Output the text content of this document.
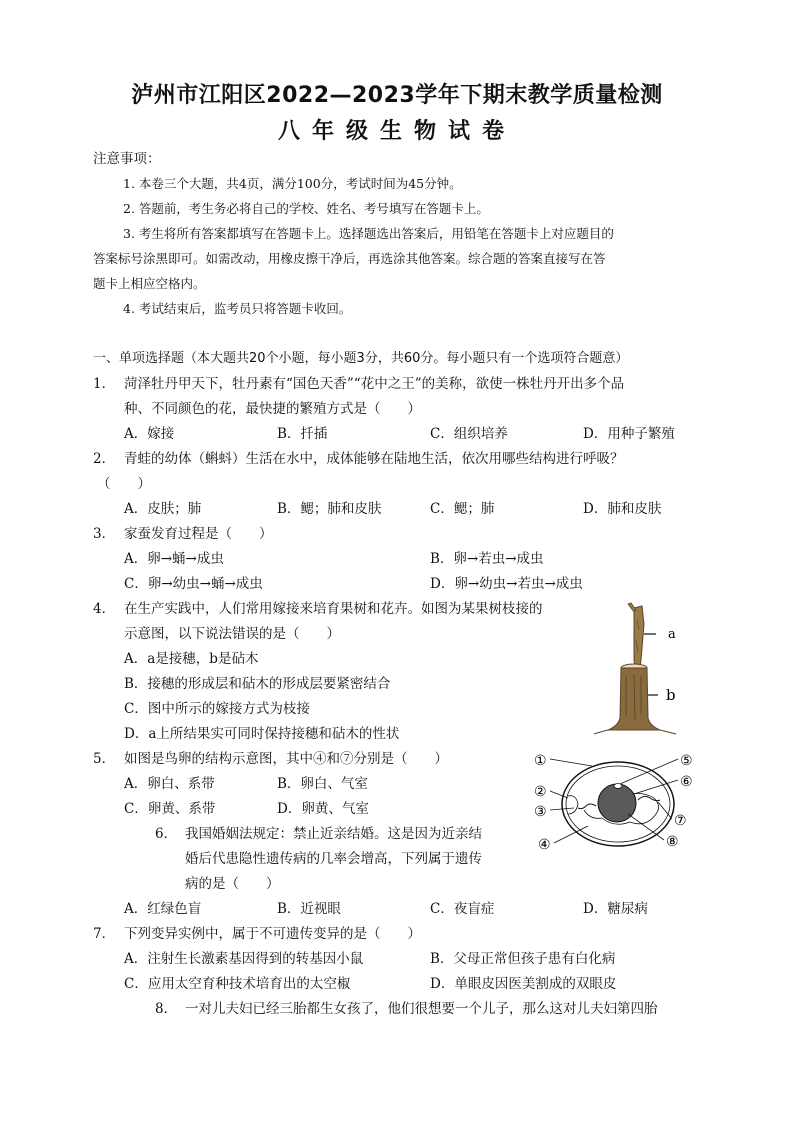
泸州市江阳区2022—2023学年下期末教学质量检测
八年级生物试卷
注意事项：
1. 本卷三个大题，共4页，满分100分，考试时间为45分钟。
2. 答题前，考生务必将自己的学校、姓名、考号填写在答题卡上。
3. 考生将所有答案都填写在答题卡上。选择题选出答案后，用铅笔在答题卡上对应题目的
答案标号涂黑即可。如需改动，用橡皮擦干净后，再选涂其他答案。综合题的答案直接写在答
题卡上相应空格内。
4. 考试结束后，监考员只将答题卡收回。
一、单项选择题（本大题共20个小题，每小题3分，共60分。每小题只有一个选项符合题意）
1． 菏泽牡丹甲天下，牡丹素有“国色天香”“花中之王”的美称，欲使一株牡丹开出多个品
种、不同颜色的花，最快捷的繁殖方式是（　　）
A．嫁接	B．扦插	C．组织培养	D．用种子繁殖
2． 青蛙的幼体（蝌蚪）生活在水中，成体能够在陆地生活，依次用哪些结构进行呼吸？
（　　）
A．皮肤；肺	B．鳃；肺和皮肤	C．鳃；肺	D．肺和皮肤
3． 家蚕发育过程是（　　）
A．卵→蛹→成虫	B．卵→若虫→成虫
C．卵→幼虫→蛹→成虫	D．卵→幼虫→若虫→成虫
4． 在生产实践中，人们常用嫁接来培育果树和花卉。如图为某果树枝接的
示意图，以下说法错误的是（　　）
A．a是接穗，b是砧木
B．接穗的形成层和砧木的形成层要紧密结合
C．图中所示的嫁接方式为枝接
D．a上所结果实可同时保持接穗和砧木的性状
a
b
5． 如图是鸟卵的结构示意图，其中④和⑦分别是（　　）
A．卵白、系带	B．卵白、气室
C．卵黄、系带	D．卵黄、气室
①
②
③
④
⑤
⑥
⑦
⑧
6． 我国婚姻法规定：禁止近亲结婚。这是因为近亲结
婚后代患隐性遗传病的几率会增高，下列属于遗传
病的是（　　）
A．红绿色盲	B．近视眼	C．夜盲症	D．糖尿病
7． 下列变异实例中，属于不可遗传变异的是（　　）
A．注射生长激素基因得到的转基因小鼠	B．父母正常但孩子患有白化病
C．应用太空育种技术培育出的太空椒	D．单眼皮因医美割成的双眼皮
8． 一对儿夫妇已经三胎都生女孩了，他们很想要一个儿子，那么这对儿夫妇第四胎
